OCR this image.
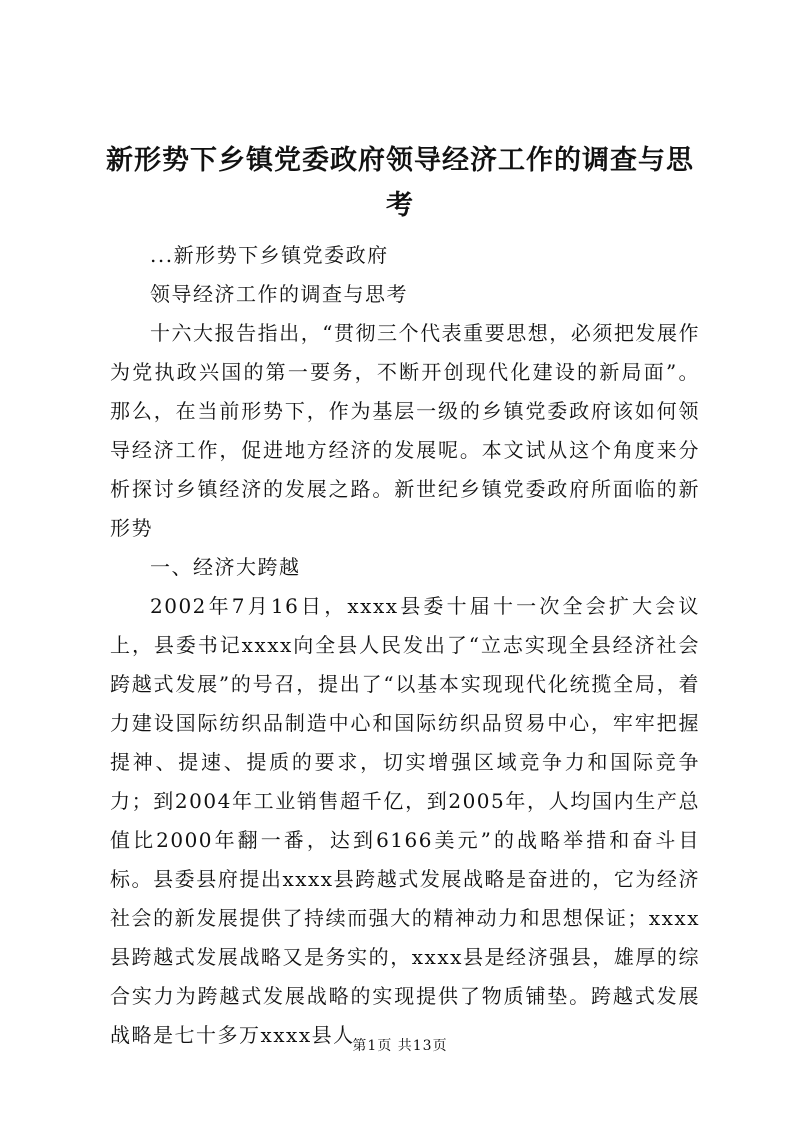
新形势下乡镇党委政府领导经济工作的调查与思考

...新形势下乡镇党委政府

领导经济工作的调查与思考

十六大报告指出，“贯彻三个代表重要思想，必须把发展作为党执政兴国的第一要务，不断开创现代化建设的新局面”。那么，在当前形势下，作为基层一级的乡镇党委政府该如何领导经济工作，促进地方经济的发展呢。本文试从这个角度来分析探讨乡镇经济的发展之路。新世纪乡镇党委政府所面临的新形势

一、经济大跨越

2002年7月16日，xxxx县委十届十一次全会扩大会议上，县委书记xxxx向全县人民发出了“立志实现全县经济社会跨越式发展”的号召，提出了“以基本实现现代化统揽全局，着力建设国际纺织品制造中心和国际纺织品贸易中心，牢牢把握提神、提速、提质的要求，切实增强区域竞争力和国际竞争力；到2004年工业销售超千亿，到2005年，人均国内生产总值比2000年翻一番，达到6166美元”的战略举措和奋斗目标。县委县府提出xxxx县跨越式发展战略是奋进的，它为经济社会的新发展提供了持续而强大的精神动力和思想保证；xxxx县跨越式发展战略又是务实的，xxxx县是经济强县，雄厚的综合实力为跨越式发展战略的实现提供了物质铺垫。跨越式发展战略是七十多万xxxx县人

第1页 共13页
